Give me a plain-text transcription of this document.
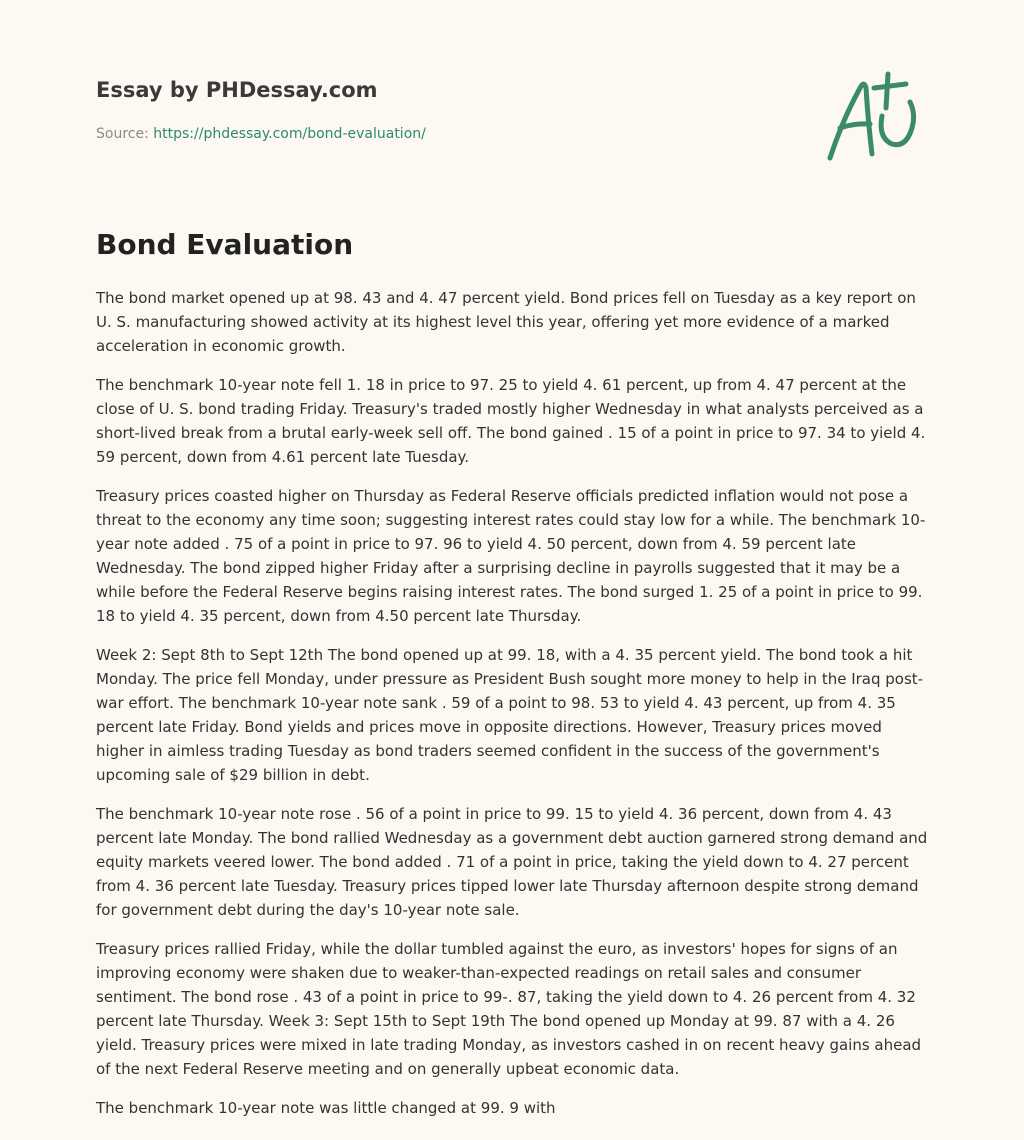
Essay by PHDessay.com
Source: https://phdessay.com/bond-evaluation/
Bond Evaluation

The bond market opened up at 98. 43 and 4. 47 percent yield. Bond prices fell on Tuesday as a key report on U. S. manufacturing showed activity at its highest level this year, offering yet more evidence of a marked acceleration in economic growth.

The benchmark 10-year note fell 1. 18 in price to 97. 25 to yield 4. 61 percent, up from 4. 47 percent at the close of U. S. bond trading Friday. Treasury's traded mostly higher Wednesday in what analysts perceived as a short-lived break from a brutal early-week sell off. The bond gained . 15 of a point in price to 97. 34 to yield 4. 59 percent, down from 4.61 percent late Tuesday.

Treasury prices coasted higher on Thursday as Federal Reserve officials predicted inflation would not pose a threat to the economy any time soon; suggesting interest rates could stay low for a while. The benchmark 10-year note added . 75 of a point in price to 97. 96 to yield 4. 50 percent, down from 4. 59 percent late Wednesday. The bond zipped higher Friday after a surprising decline in payrolls suggested that it may be a while before the Federal Reserve begins raising interest rates. The bond surged 1. 25 of a point in price to 99. 18 to yield 4. 35 percent, down from 4.50 percent late Thursday.

Week 2: Sept 8th to Sept 12th The bond opened up at 99. 18, with a 4. 35 percent yield. The bond took a hit Monday. The price fell Monday, under pressure as President Bush sought more money to help in the Iraq post-war effort. The benchmark 10-year note sank . 59 of a point to 98. 53 to yield 4. 43 percent, up from 4. 35 percent late Friday. Bond yields and prices move in opposite directions. However, Treasury prices moved higher in aimless trading Tuesday as bond traders seemed confident in the success of the government's upcoming sale of $29 billion in debt.

The benchmark 10-year note rose . 56 of a point in price to 99. 15 to yield 4. 36 percent, down from 4. 43 percent late Monday. The bond rallied Wednesday as a government debt auction garnered strong demand and equity markets veered lower. The bond added . 71 of a point in price, taking the yield down to 4. 27 percent from 4. 36 percent late Tuesday. Treasury prices tipped lower late Thursday afternoon despite strong demand for government debt during the day's 10-year note sale.

Treasury prices rallied Friday, while the dollar tumbled against the euro, as investors' hopes for signs of an improving economy were shaken due to weaker-than-expected readings on retail sales and consumer sentiment. The bond rose . 43 of a point in price to 99-. 87, taking the yield down to 4. 26 percent from 4. 32 percent late Thursday. Week 3: Sept 15th to Sept 19th The bond opened up Monday at 99. 87 with a 4. 26 yield. Treasury prices were mixed in late trading Monday, as investors cashed in on recent heavy gains ahead of the next Federal Reserve meeting and on generally upbeat economic data.

The benchmark 10-year note was little changed at 99. 9 with
